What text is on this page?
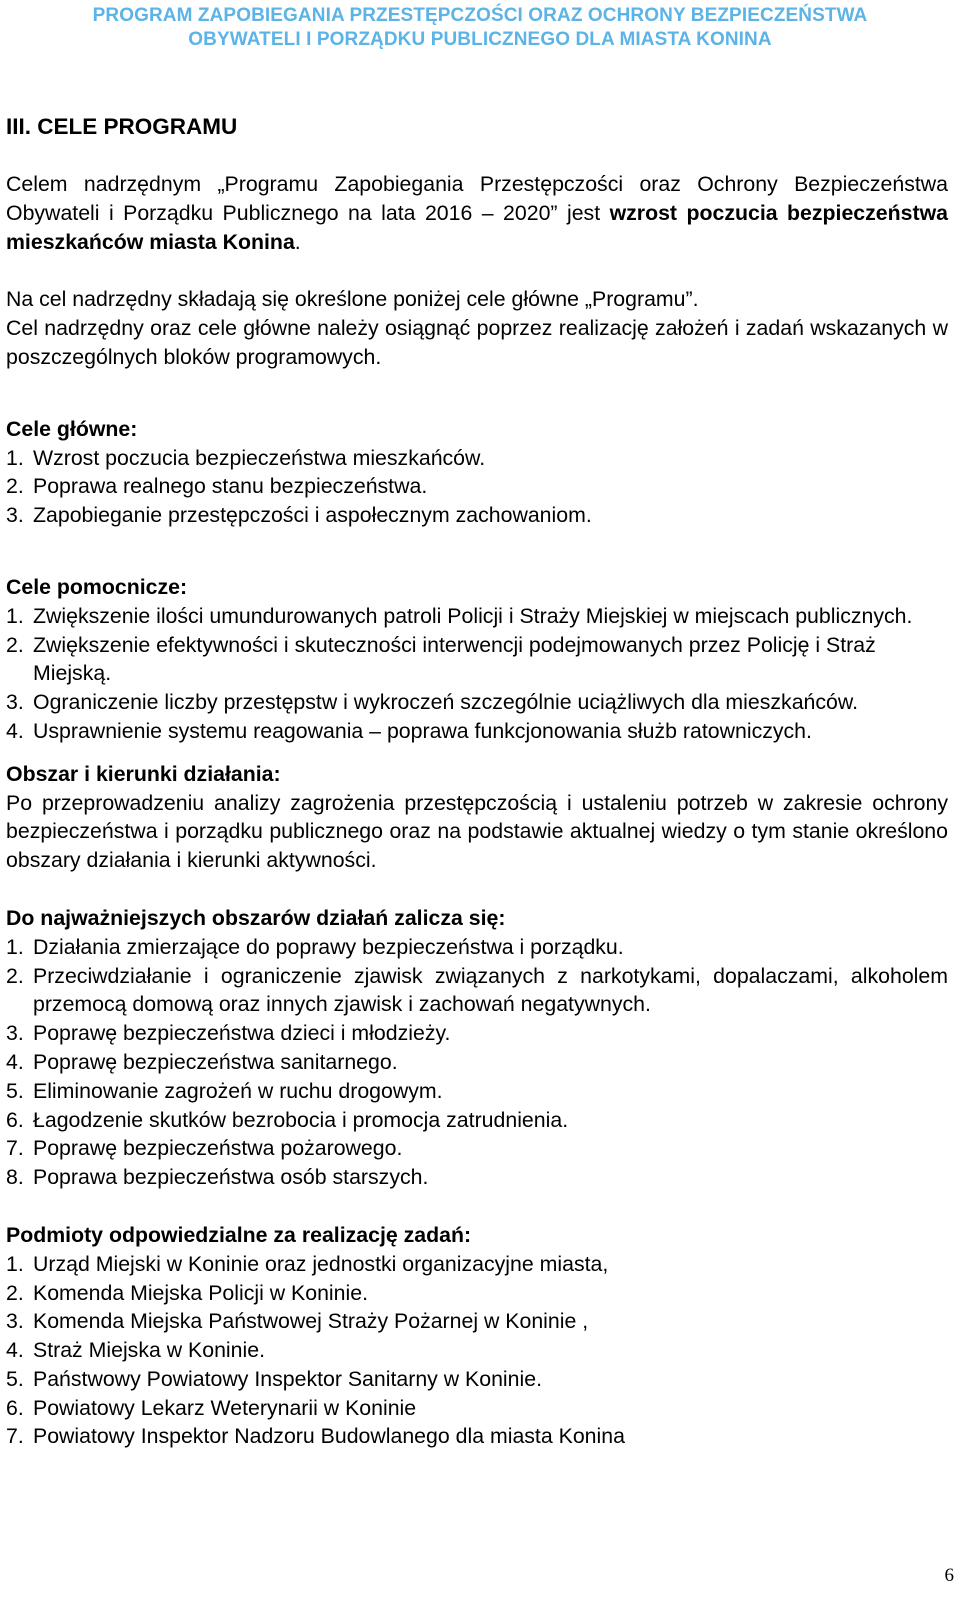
PROGRAM ZAPOBIEGANIA PRZESTĘPCZOŚCI ORAZ OCHRONY BEZPIECZEŃSTWA
OBYWATELI I PORZĄDKU PUBLICZNEGO DLA MIASTA KONINA
III. CELE PROGRAMU

Celem nadrzędnym „Programu Zapobiegania Przestępczości oraz Ochrony Bezpieczeństwa Obywateli i Porządku Publicznego na lata 2016 – 2020” jest wzrost poczucia bezpieczeństwa mieszkańców miasta Konina.

Na cel nadrzędny składają się określone poniżej cele główne „Programu”.

Cel nadrzędny oraz cele główne należy osiągnąć poprzez realizację założeń i zadań wskazanych w poszczególnych bloków programowych.

Cele główne:

1. Wzrost poczucia bezpieczeństwa mieszkańców.
2. Poprawa realnego stanu bezpieczeństwa.
3. Zapobieganie przestępczości i aspołecznym zachowaniom.

Cele pomocnicze:

1. Zwiększenie ilości umundurowanych patroli Policji i Straży Miejskiej w miejscach publicznych.
2. Zwiększenie efektywności i skuteczności interwencji podejmowanych przez Policję i Straż Miejską.
3. Ograniczenie liczby przestępstw i wykroczeń szczególnie uciążliwych dla mieszkańców.
4. Usprawnienie systemu reagowania – poprawa funkcjonowania służb ratowniczych.

Obszar i kierunki działania:

Po przeprowadzeniu analizy zagrożenia przestępczością i ustaleniu potrzeb w zakresie ochrony bezpieczeństwa i porządku publicznego oraz na podstawie aktualnej wiedzy o tym stanie określono obszary działania i kierunki aktywności.

Do najważniejszych obszarów działań zalicza się:

1. Działania zmierzające do poprawy bezpieczeństwa i porządku.
2. Przeciwdziałanie i ograniczenie zjawisk związanych z narkotykami, dopalaczami, alkoholem przemocą domową oraz innych zjawisk i zachowań negatywnych.
3. Poprawę bezpieczeństwa dzieci i młodzieży.
4. Poprawę bezpieczeństwa sanitarnego.
5. Eliminowanie zagrożeń w ruchu drogowym.
6. Łagodzenie skutków bezrobocia i promocja zatrudnienia.
7. Poprawę bezpieczeństwa pożarowego.
8. Poprawa bezpieczeństwa osób starszych.

Podmioty odpowiedzialne za realizację zadań:

1. Urząd Miejski w Koninie oraz jednostki organizacyjne miasta,
2. Komenda Miejska Policji w Koninie.
3. Komenda Miejska Państwowej Straży Pożarnej w Koninie ,
4. Straż Miejska w Koninie.
5. Państwowy Powiatowy Inspektor Sanitarny w Koninie.
6. Powiatowy Lekarz Weterynarii w Koninie
7. Powiatowy Inspektor Nadzoru Budowlanego dla miasta Konina
6
